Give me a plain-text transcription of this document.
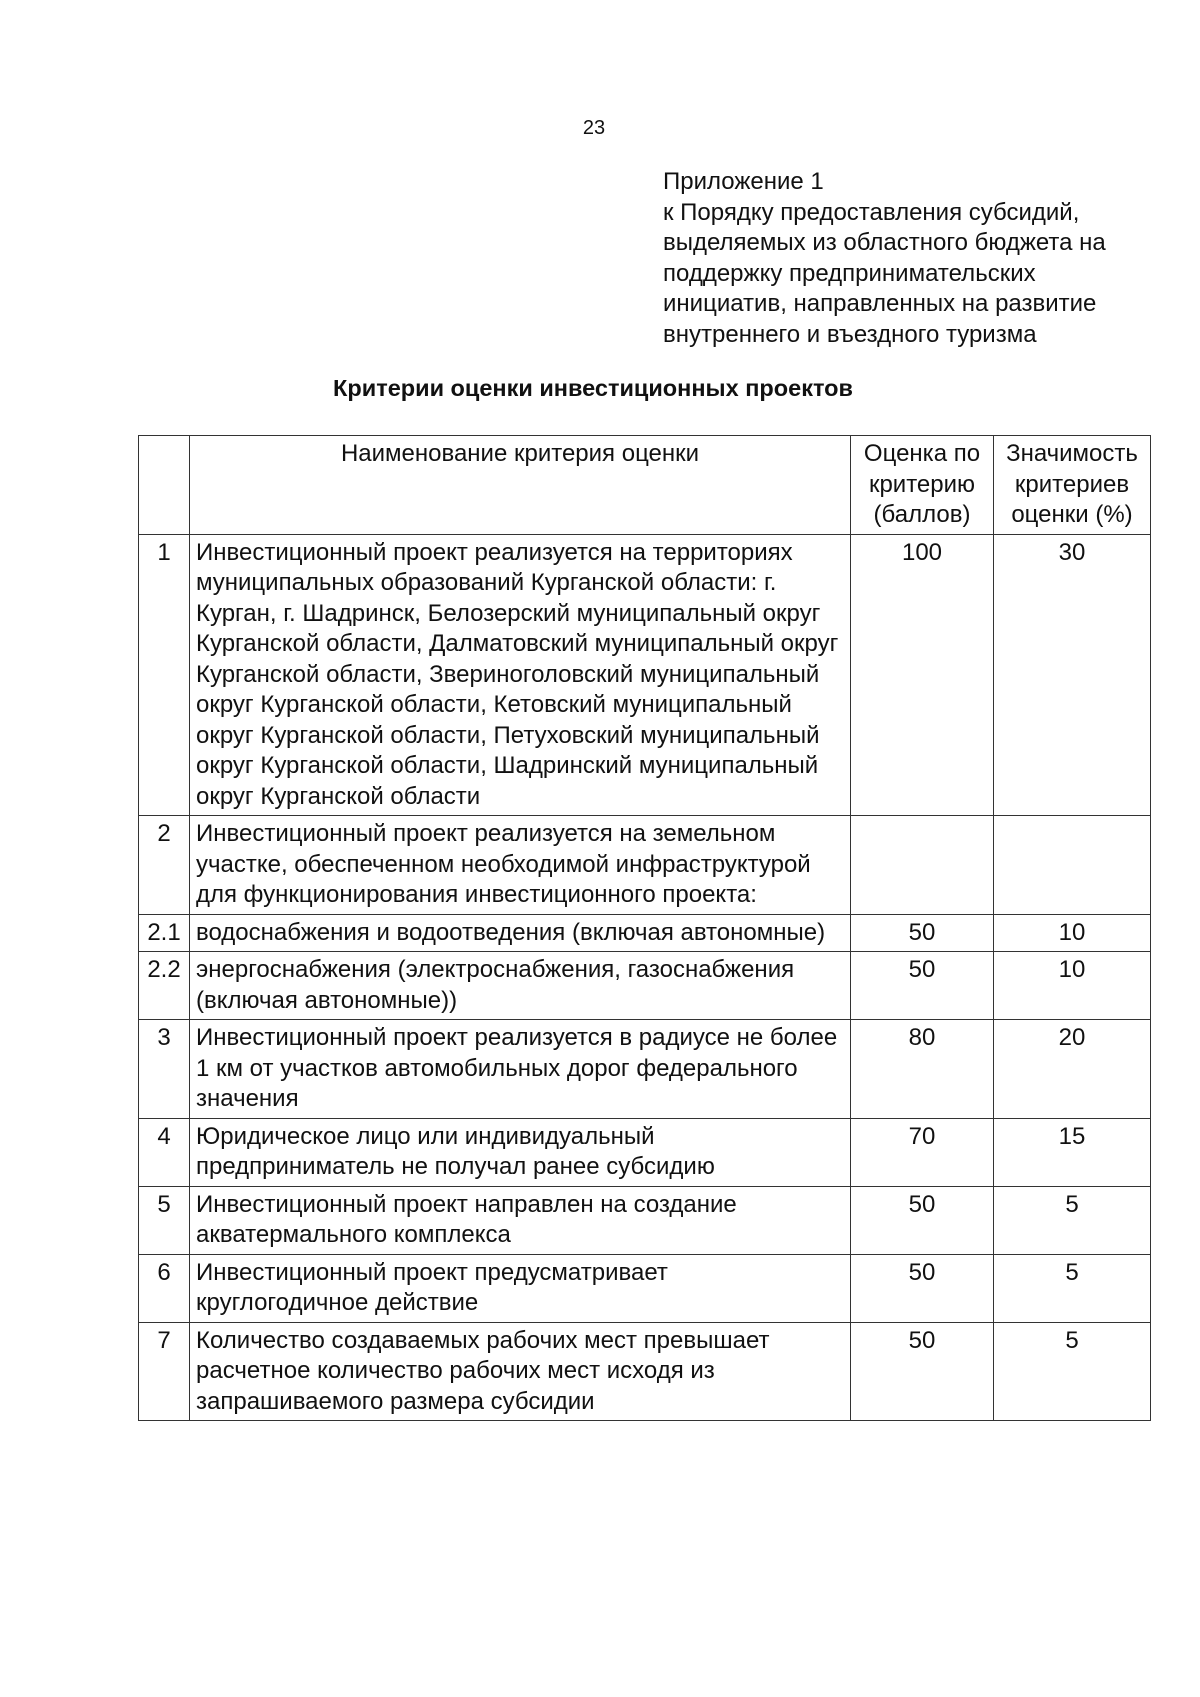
23
Приложение 1
к Порядку предоставления субсидий,
выделяемых из областного бюджета на
поддержку предпринимательских
инициатив, направленных на развитие
внутреннего и въездного туризма
Критерии оценки инвестиционных проектов
	Наименование критерия оценки	Оценка по критерию (баллов)	Значимость критериев оценки (%)
1	Инвестиционный проект реализуется на территориях муниципальных образований Курганской области: г. Курган, г. Шадринск, Белозерский муниципальный округ Курганской области, Далматовский муниципальный округ Курганской области, Звериноголовский муниципальный округ Курганской области, Кетовский муниципальный округ Курганской области, Петуховский муниципальный округ Курганской области, Шадринский муниципальный округ Курганской области	100	30
2	Инвестиционный проект реализуется на земельном участке, обеспеченном необходимой инфраструктурой для функционирования инвестиционного проекта:		
2.1	водоснабжения и водоотведения (включая автономные)	50	10
2.2	энергоснабжения (электроснабжения, газоснабжения (включая автономные))	50	10
3	Инвестиционный проект реализуется в радиусе не более 1 км от участков автомобильных дорог федерального значения	80	20
4	Юридическое лицо или индивидуальный предприниматель не получал ранее субсидию	70	15
5	Инвестиционный проект направлен на создание акватермального комплекса	50	5
6	Инвестиционный проект предусматривает круглогодичное действие	50	5
7	Количество создаваемых рабочих мест превышает расчетное количество рабочих мест исходя из запрашиваемого размера субсидии	50	5
